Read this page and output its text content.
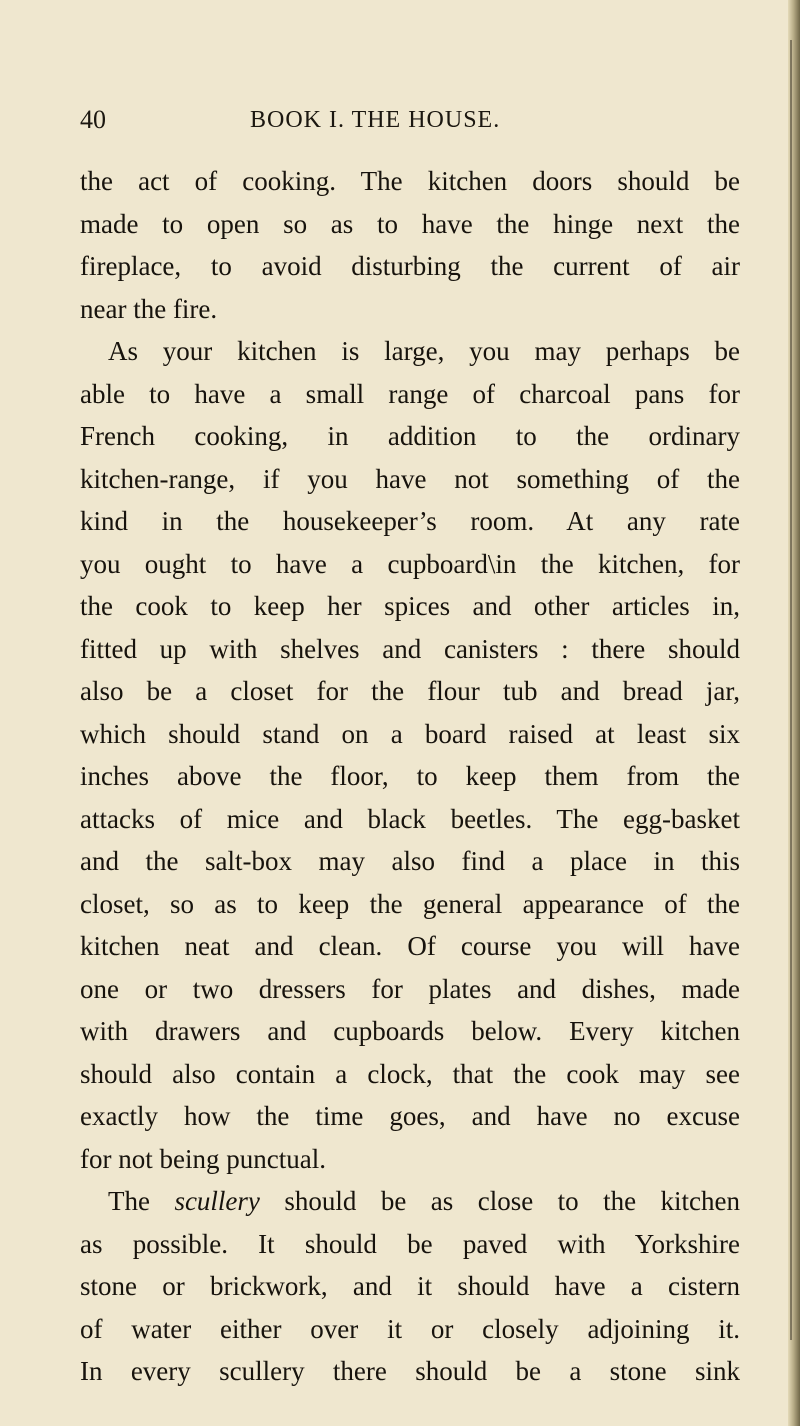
40	BOOK I. THE HOUSE.
the act of cooking. The kitchen doors should be
made to open so as to have the hinge next the
fireplace, to avoid disturbing the current of air
near the fire.
As your kitchen is large, you may perhaps be
able to have a small range of charcoal pans for
French cooking, in addition to the ordinary
kitchen-range, if you have not something of the
kind in the housekeeper’s room. At any rate
you ought to have a cupboard\in the kitchen, for
the cook to keep her spices and other articles in,
fitted up with shelves and canisters : there should
also be a closet for the flour tub and bread jar,
which should stand on a board raised at least six
inches above the floor, to keep them from the
attacks of mice and black beetles. The egg-basket
and the salt-box may also find a place in this
closet, so as to keep the general appearance of the
kitchen neat and clean. Of course you will have
one or two dressers for plates and dishes, made
with drawers and cupboards below. Every kitchen
should also contain a clock, that the cook may see
exactly how the time goes, and have no excuse
for not being punctual.
The scullery should be as close to the kitchen
as possible. It should be paved with Yorkshire
stone or brickwork, and it should have a cistern
of water either over it or closely adjoining it.
In every scullery there should be a stone sink
